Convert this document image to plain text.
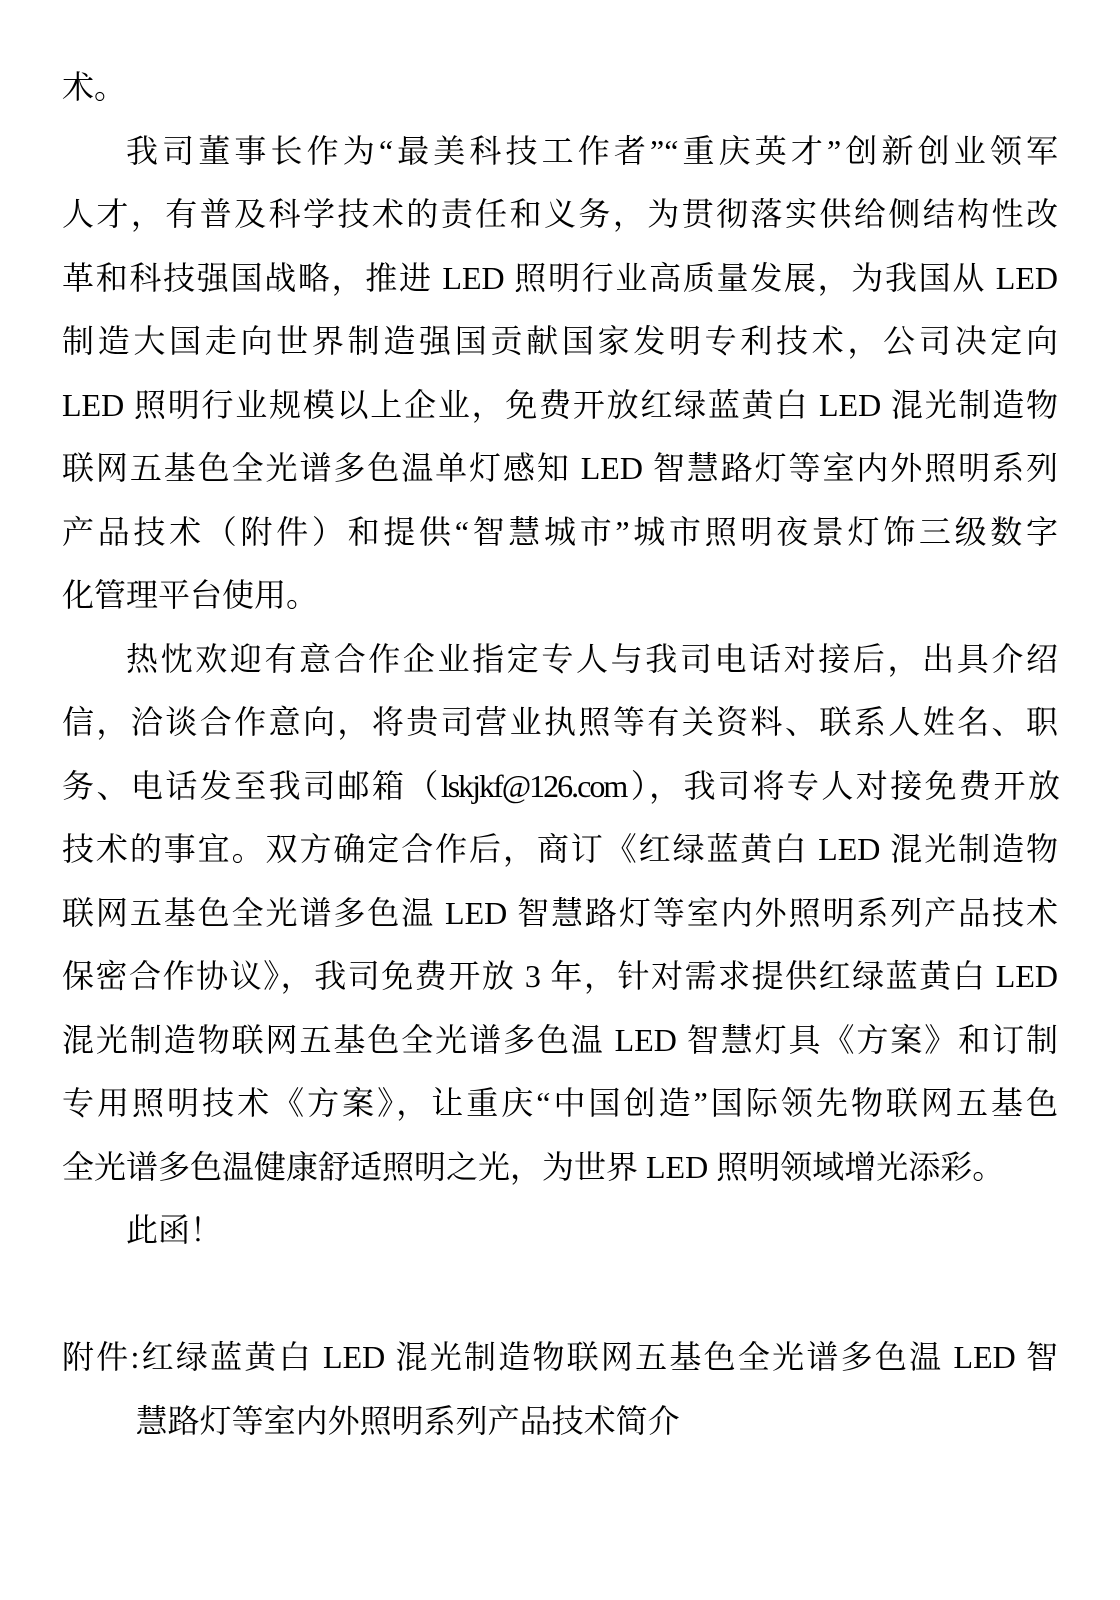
术。
我司董事长作为“最美科技工作者”“重庆英才”创新创业领军
人才，有普及科学技术的责任和义务，为贯彻落实供给侧结构性改
革和科技强国战略，推进 LED 照明行业高质量发展，为我国从 LED
制造大国走向世界制造强国贡献国家发明专利技术，公司决定向
LED 照明行业规模以上企业，免费开放红绿蓝黄白 LED 混光制造物
联网五基色全光谱多色温单灯感知 LED 智慧路灯等室内外照明系列
产品技术（附件）和提供“智慧城市”城市照明夜景灯饰三级数字
化管理平台使用。
热忱欢迎有意合作企业指定专人与我司电话对接后，出具介绍
信，洽谈合作意向，将贵司营业执照等有关资料、联系人姓名、职
务、电话发至我司邮箱（lskjkf@126.com），我司将专人对接免费开放
技术的事宜。双方确定合作后，商订《红绿蓝黄白 LED 混光制造物
联网五基色全光谱多色温 LED 智慧路灯等室内外照明系列产品技术
保密合作协议》，我司免费开放 3 年，针对需求提供红绿蓝黄白 LED
混光制造物联网五基色全光谱多色温 LED 智慧灯具《方案》和订制
专用照明技术《方案》，让重庆“中国创造”国际领先物联网五基色
全光谱多色温健康舒适照明之光，为世界 LED 照明领域增光添彩。
此函！
附件:红绿蓝黄白 LED 混光制造物联网五基色全光谱多色温 LED 智
慧路灯等室内外照明系列产品技术简介
